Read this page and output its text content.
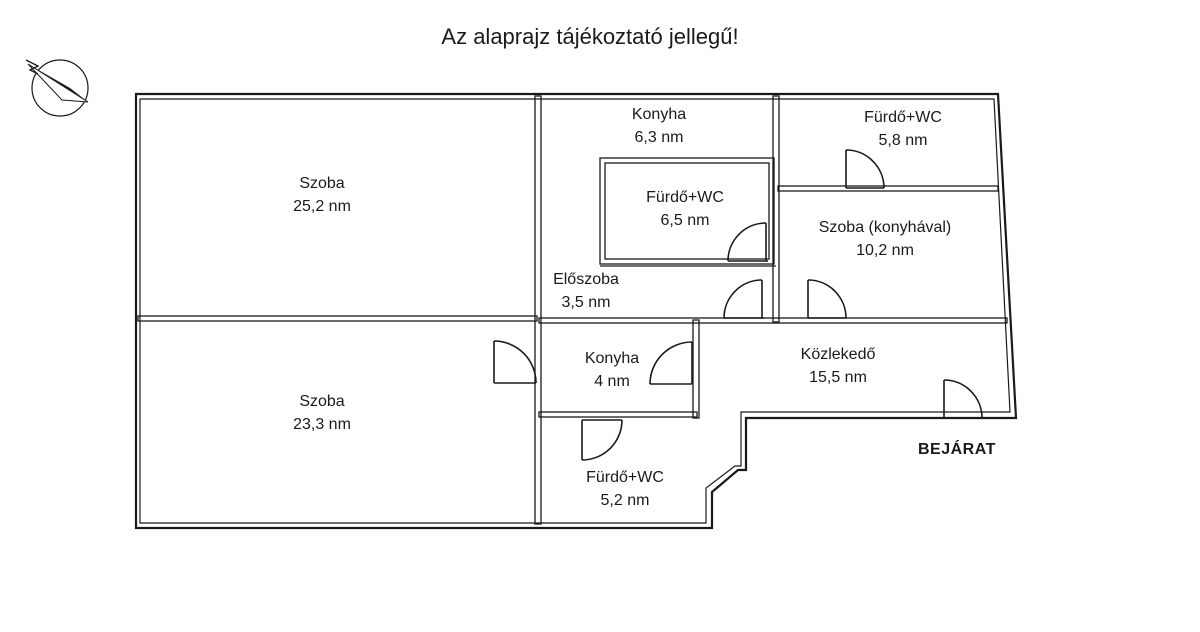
Az alaprajz tájékoztató jellegű!
Szoba
25,2 nm
Szoba
23,3 nm
Konyha
6,3 nm
Fürdő+WC
6,5 nm
Előszoba
3,5 nm
Konyha
4 nm
Fürdő+WC
5,2 nm
Fürdő+WC
5,8 nm
Szoba (konyhával)
10,2 nm
Közlekedő
15,5 nm
BEJÁRAT
